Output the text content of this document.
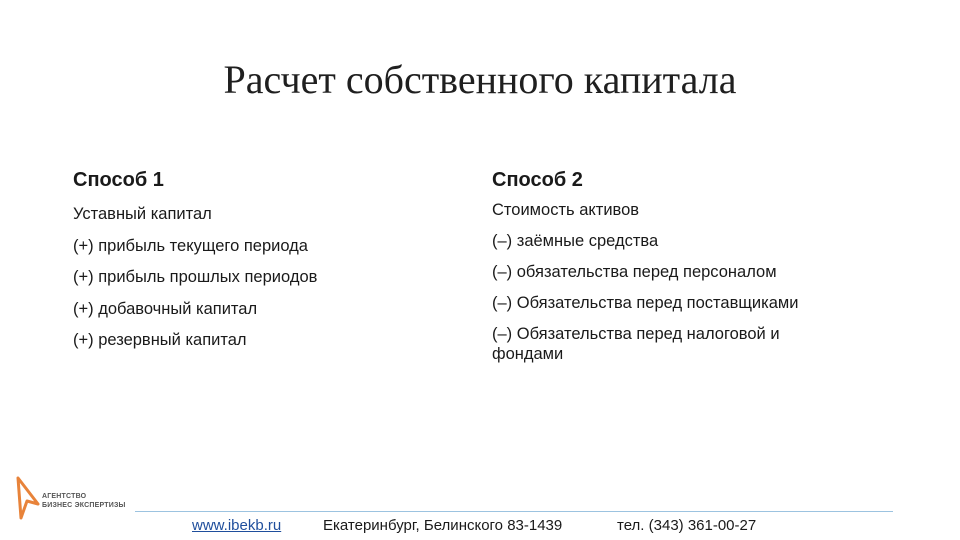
Расчет собственного капитала
Способ 1
Уставный капитал
(+) прибыль текущего периода
(+) прибыль прошлых периодов
(+) добавочный капитал
(+) резервный капитал
Способ 2
Стоимость активов
(–) заёмные средства
(–) обязательства перед персоналом
(–) Обязательства перед поставщиками
(–) Обязательства перед налоговой и фондами
АГЕНТСТВО
БИЗНЕС ЭКСПЕРТИЗЫ
www.ibekb.ru	Екатеринбург, Белинского 83-1439	тел. (343) 361-00-27
